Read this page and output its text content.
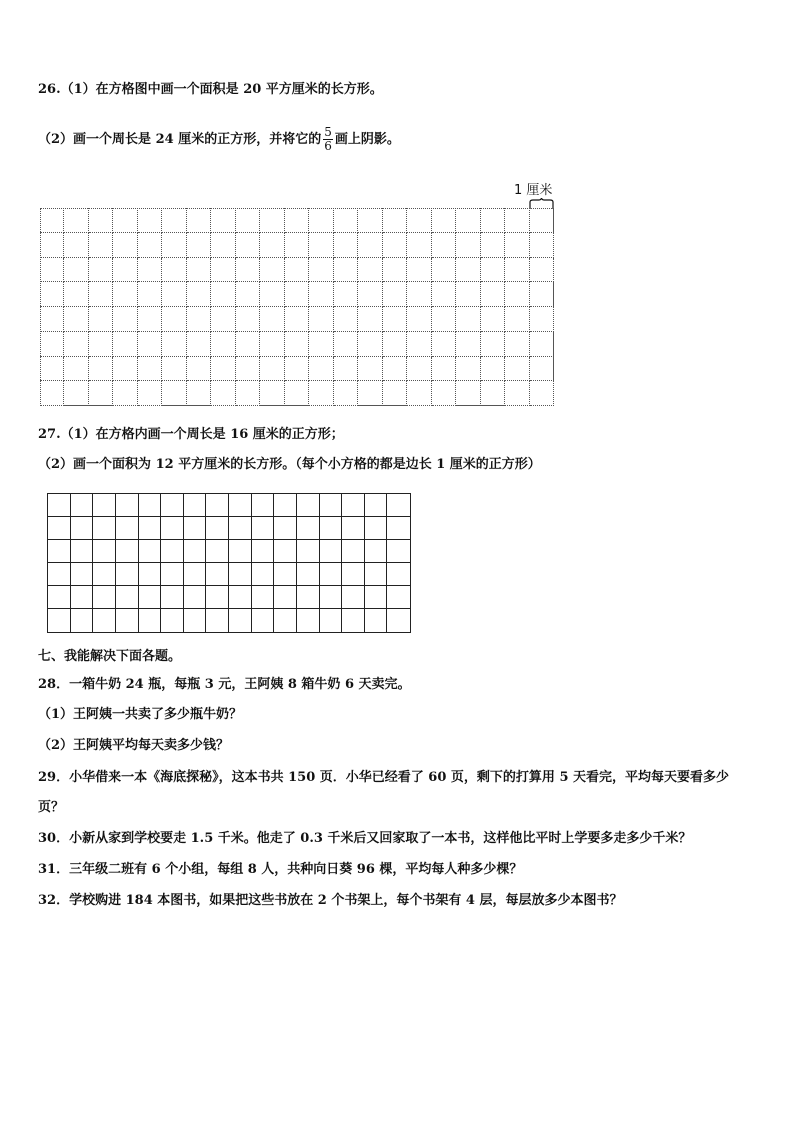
26.（1）在方格图中画一个面积是 20 平方厘米的长方形。
（2）画一个周长是 24 厘米的正方形，并将它的 $\frac{5}{6}$ 画上阴影。
1 厘米
27.（1）在方格内画一个周长是 16 厘米的正方形；
（2）画一个面积为 12 平方厘米的长方形。（每个小方格的都是边长 1 厘米的正方形）
七、我能解决下面各题。
28．一箱牛奶 24 瓶，每瓶 3 元，王阿姨 8 箱牛奶 6 天卖完。
（1）王阿姨一共卖了多少瓶牛奶？
（2）王阿姨平均每天卖多少钱？
29．小华借来一本《海底探秘》，这本书共 150 页．小华已经看了 60 页，剩下的打算用 5 天看完，平均每天要看多少
页？
30．小新从家到学校要走 1.5 千米。他走了 0.3 千米后又回家取了一本书，这样他比平时上学要多走多少千米？
31．三年级二班有 6 个小组，每组 8 人，共种向日葵 96 棵，平均每人种多少棵？
32．学校购进 184 本图书，如果把这些书放在 2 个书架上，每个书架有 4 层，每层放多少本图书？
